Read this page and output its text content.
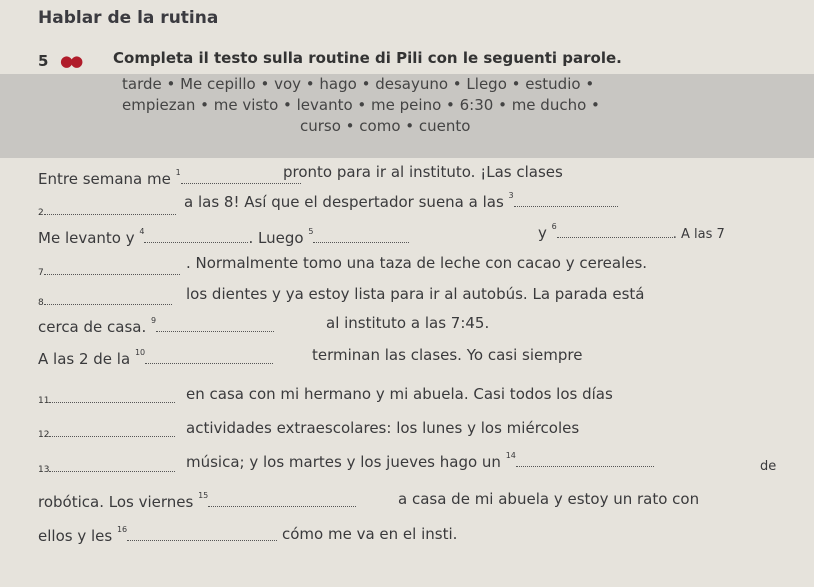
Hablar de la rutina
5 ●● Completa il testo sulla routine di Pili con le seguenti parole.
tarde • Me cepillo • voy • hago • desayuno • Llego • estudio •
empiezan • me visto • levanto • me peino • 6:30 • me ducho •
curso • como • cuento
Entre semana me $^1$	pronto para ir al instituto. ¡Las clases
2
a las 8! Así que el despertador suena a las $^3$
Me levanto y $^4$	. Luego $^5$	y $^6$. A las 7
7
. Normalmente tomo una taza de leche con cacao y cereales.
8	los dientes y ya estoy lista para ir al autobús. La parada está
cerca de casa. $^9$	al instituto a las 7:45.
A las 2 de la $^{10}$	terminan las clases. Yo casi siempre
11	en casa con mi hermano y mi abuela. Casi todos los días
12	actividades extraescolares: los lunes y los miércoles
13	música; y los martes y los jueves hago un $^{14}$
de
robótica. Los viernes $^{15}$	a casa de mi abuela y estoy un rato con
ellos y les $^{16}$	cómo me va en el insti.
